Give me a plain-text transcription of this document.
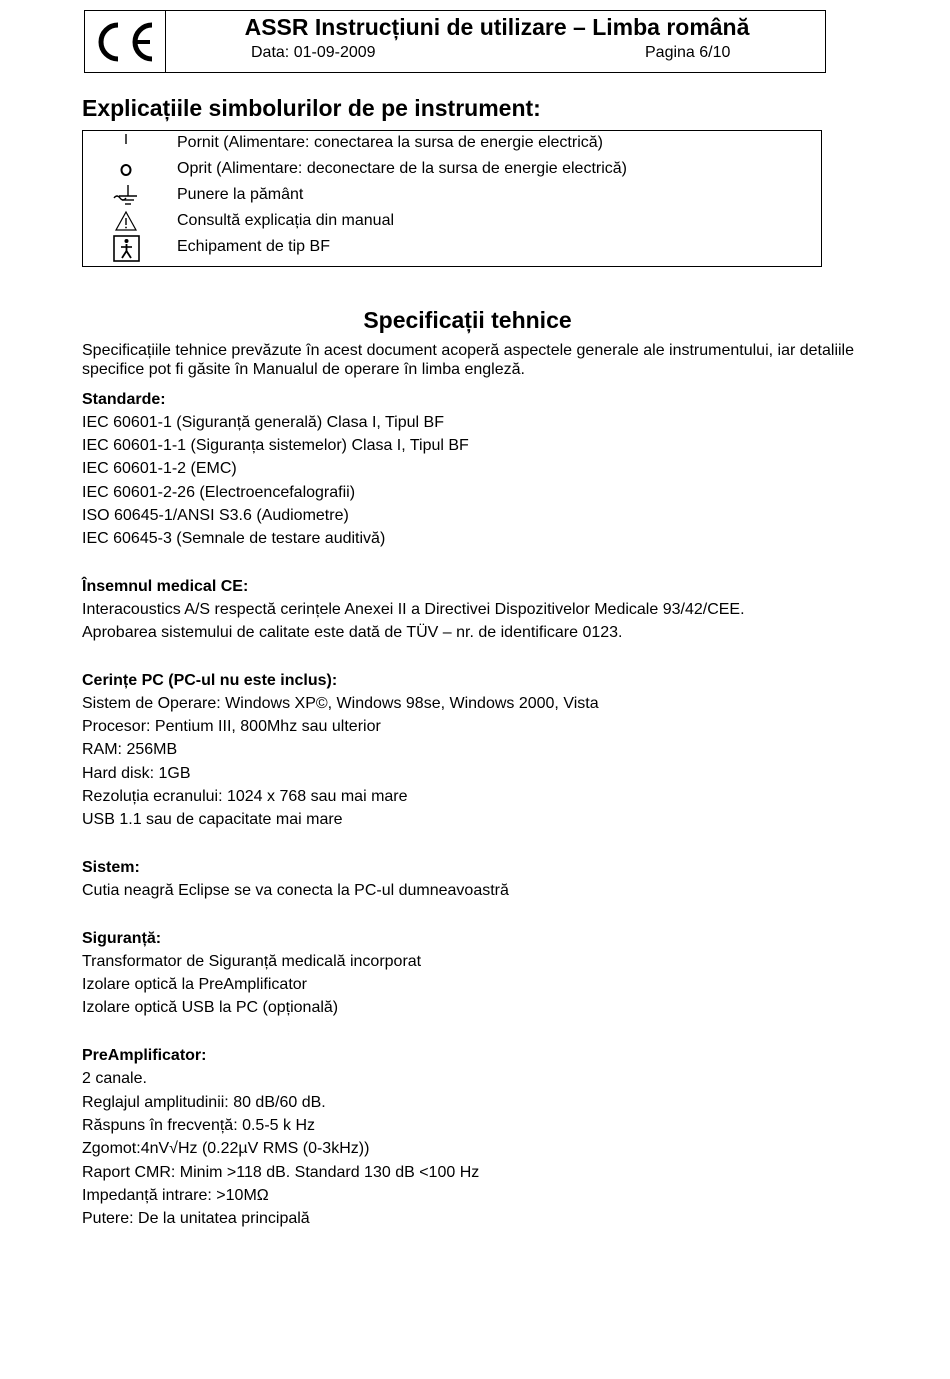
ASSR Instrucțiuni de utilizare – Limba română
Data: 01-09-2009	Pagina 6/10
Explicațiile simbolurilor de pe instrument:
Pornit (Alimentare: conectarea la sursa de energie electrică)
Oprit (Alimentare: deconectare de la sursa de energie electrică)
Punere la pământ
Consultă explicația din manual
Echipament de tip BF
Specificații tehnice
Specificațiile tehnice prevăzute în acest document acoperă aspectele generale ale instrumentului, iar detaliile specifice pot fi găsite în Manualul de operare în limba engleză.
Standarde:
IEC 60601-1 (Siguranță generală) Clasa I, Tipul BF
IEC 60601-1-1 (Siguranța sistemelor) Clasa I, Tipul BF
IEC 60601-1-2 (EMC)
IEC 60601-2-26 (Electroencefalografii)
ISO 60645-1/ANSI S3.6 (Audiometre)
IEC 60645-3 (Semnale de testare auditivă)
Însemnul medical CE:
Interacoustics A/S respectă cerințele Anexei II a Directivei Dispozitivelor Medicale 93/42/CEE.
Aprobarea sistemului de calitate este dată de TÜV – nr. de identificare 0123.
Cerințe PC (PC-ul nu este inclus):
Sistem de Operare: Windows XP©, Windows 98se, Windows 2000, Vista
Procesor: Pentium III, 800Mhz sau ulterior
RAM: 256MB
Hard disk: 1GB
Rezoluția ecranului: 1024 x 768 sau mai mare
USB 1.1 sau de capacitate mai mare
Sistem:
Cutia neagră Eclipse se va conecta la PC-ul dumneavoastră
Siguranță:
Transformator de Siguranță medicală incorporat
Izolare optică la PreAmplificator
Izolare optică USB la PC (opțională)
PreAmplificator:
2 canale.
Reglajul amplitudinii: 80 dB/60 dB.
Răspuns în frecvență: 0.5-5 k Hz
Zgomot:4nV√Hz (0.22µV RMS (0-3kHz))
Raport CMR: Minim >118 dB. Standard 130 dB <100 Hz
Impedanță intrare: >10MΩ
Putere: De la unitatea principală
